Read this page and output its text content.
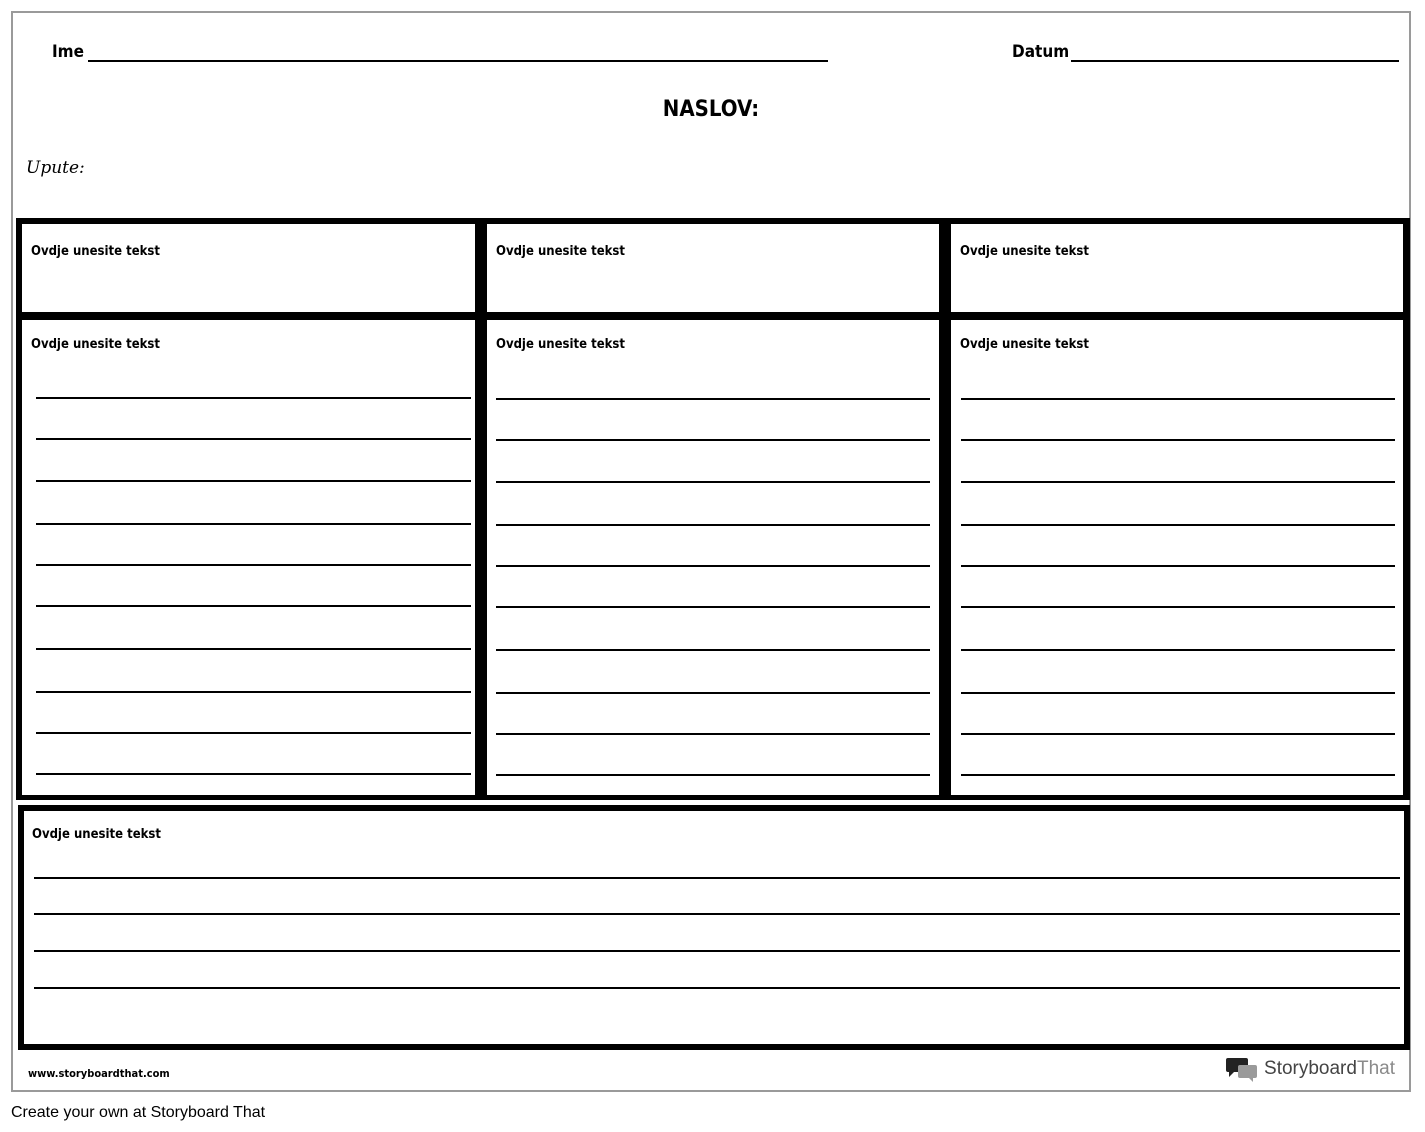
Ime	Datum
NASLOV:
Upute:
Ovdje unesite tekst	Ovdje unesite tekst	Ovdje unesite tekst
Ovdje unesite tekst	Ovdje unesite tekst	Ovdje unesite tekst
Ovdje unesite tekst
www.storyboardthat.com	StoryboardThat
Create your own at Storyboard That
